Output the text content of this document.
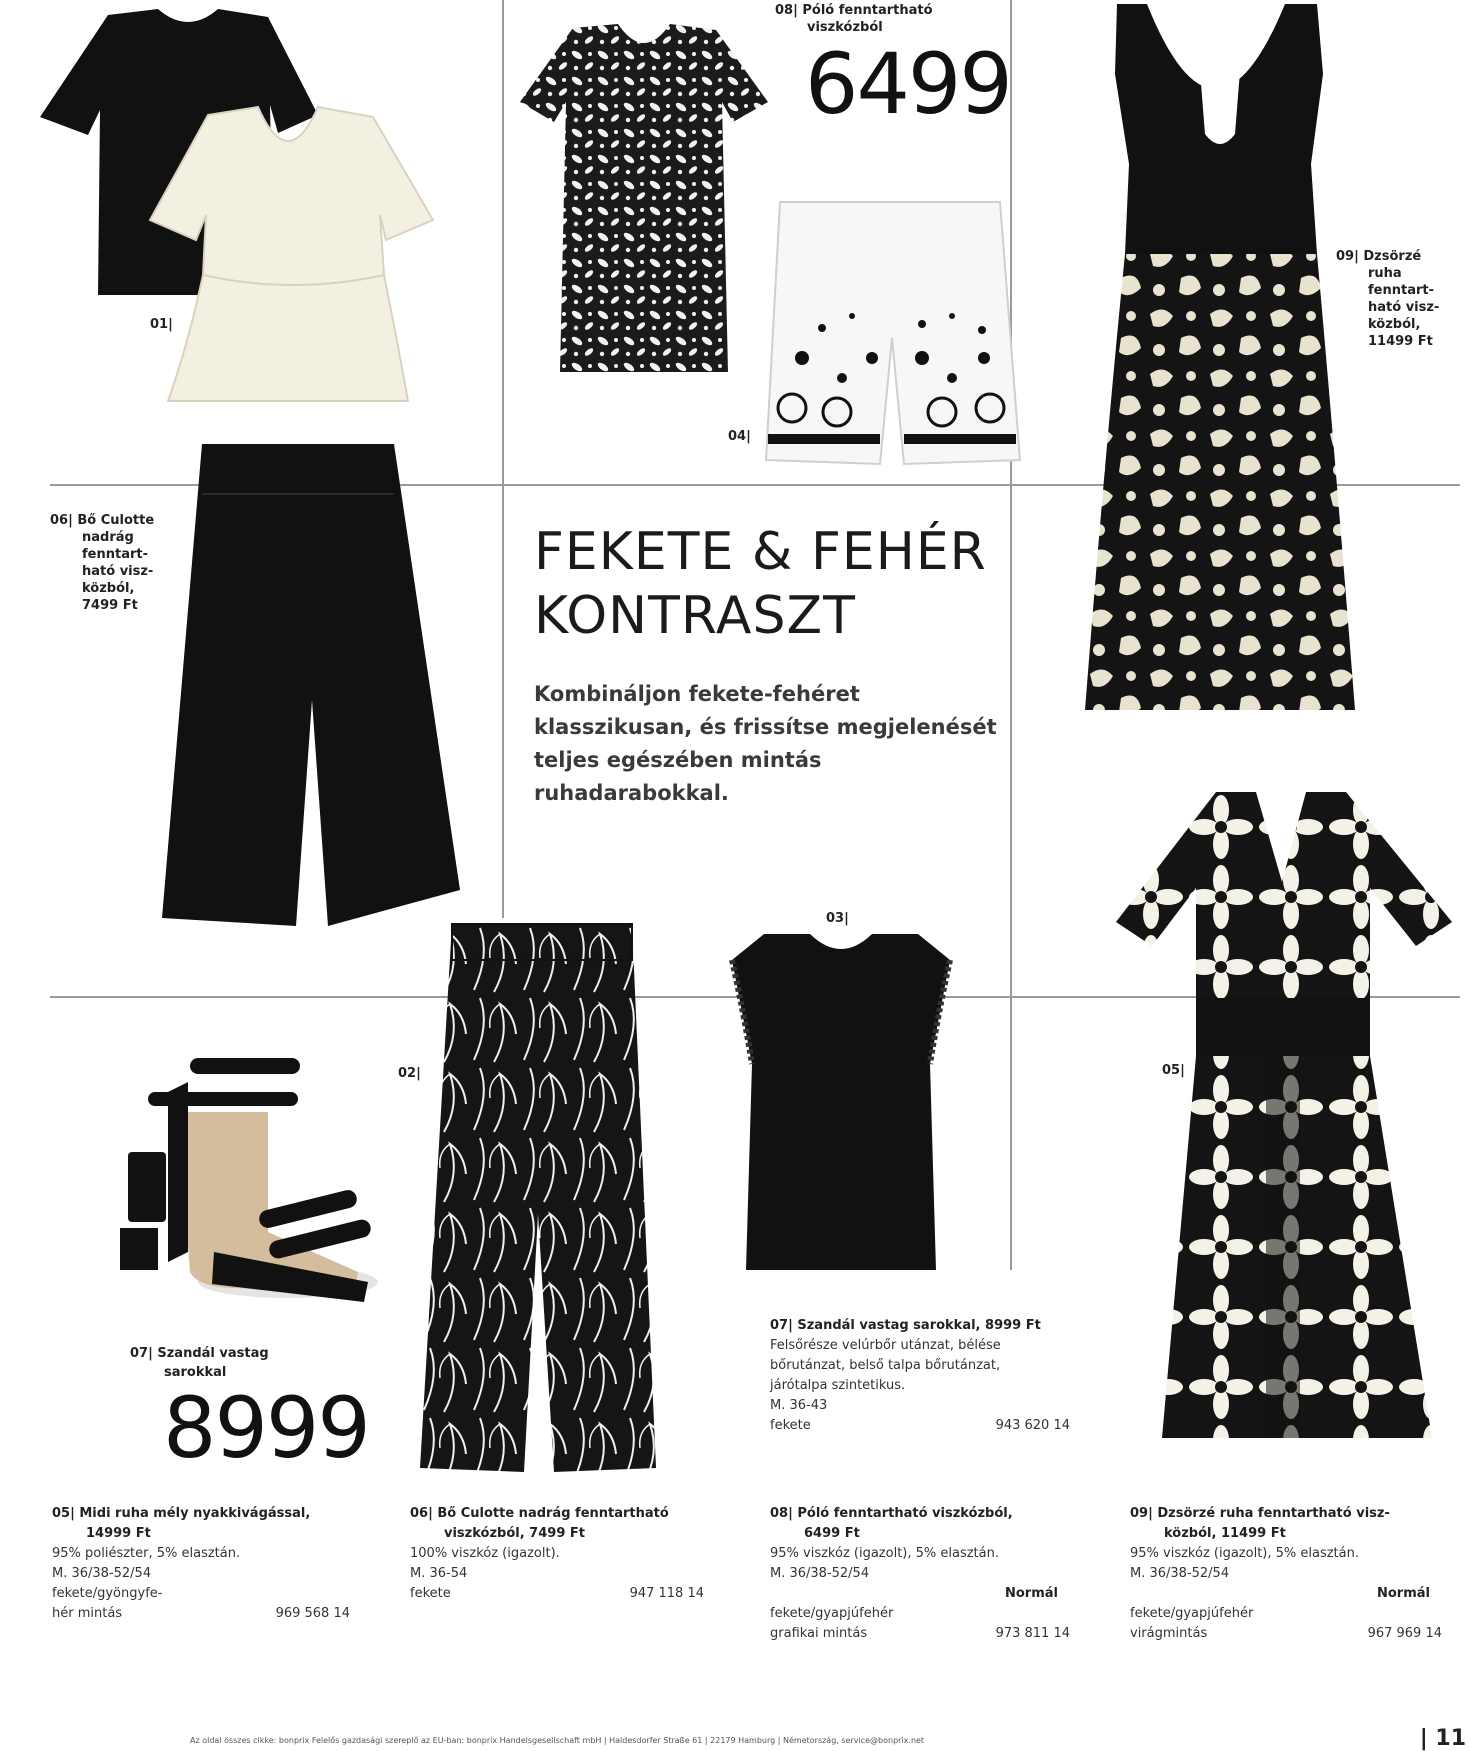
01|
08| Póló fenntartható
viszkózból
6499
04|
09| Dzsörzé
ruha
fenntart-
ható visz-
közból,
11499 Ft
06| Bő Culotte
nadrág
fenntart-
ható visz-
közból,
7499 Ft
FEKETE & FEHÉR
KONTRASZT
Kombináljon fekete-fehéret klasszikusan, és frissítse megjelenését teljes egészében mintás ruhadarabokkal.
05|
02|
03|
07| Szandál vastag
sarokkal
8999
07| Szandál vastag sarokkal, 8999 Ft
Felsőrésze velúrbőr utánzat, bélése
bőrutánzat, belső talpa bőrutánzat,
járótalpa szintetikus.
M. 36-43
fekete	943 620 14
05| Midi ruha mély nyakkivágással,
14999 Ft
95% poliészter, 5% elasztán.
M. 36/38-52/54
fekete/gyöngyfe-
hér mintás	969 568 14
06| Bő Culotte nadrág fenntartható
viszkózból, 7499 Ft
100% viszkóz (igazolt).
M. 36-54
fekete	947 118 14
08| Póló fenntartható viszkózból,
6499 Ft
95% viszkóz (igazolt), 5% elasztán.
M. 36/38-52/54
Normál
fekete/gyapjúfehér
grafikai mintás	973 811 14
09| Dzsörzé ruha fenntartható visz-
közból, 11499 Ft
95% viszkóz (igazolt), 5% elasztán.
M. 36/38-52/54
Normál
fekete/gyapjúfehér
virágmintás	967 969 14
Az oldal összes cikke: bonprix Felelős gazdasági szereplő az EU-ban: bonprix Handelsgesellschaft mbH | Haldesdorfer Straße 61 | 22179 Hamburg | Németország, service@bonprix.net	| 11
